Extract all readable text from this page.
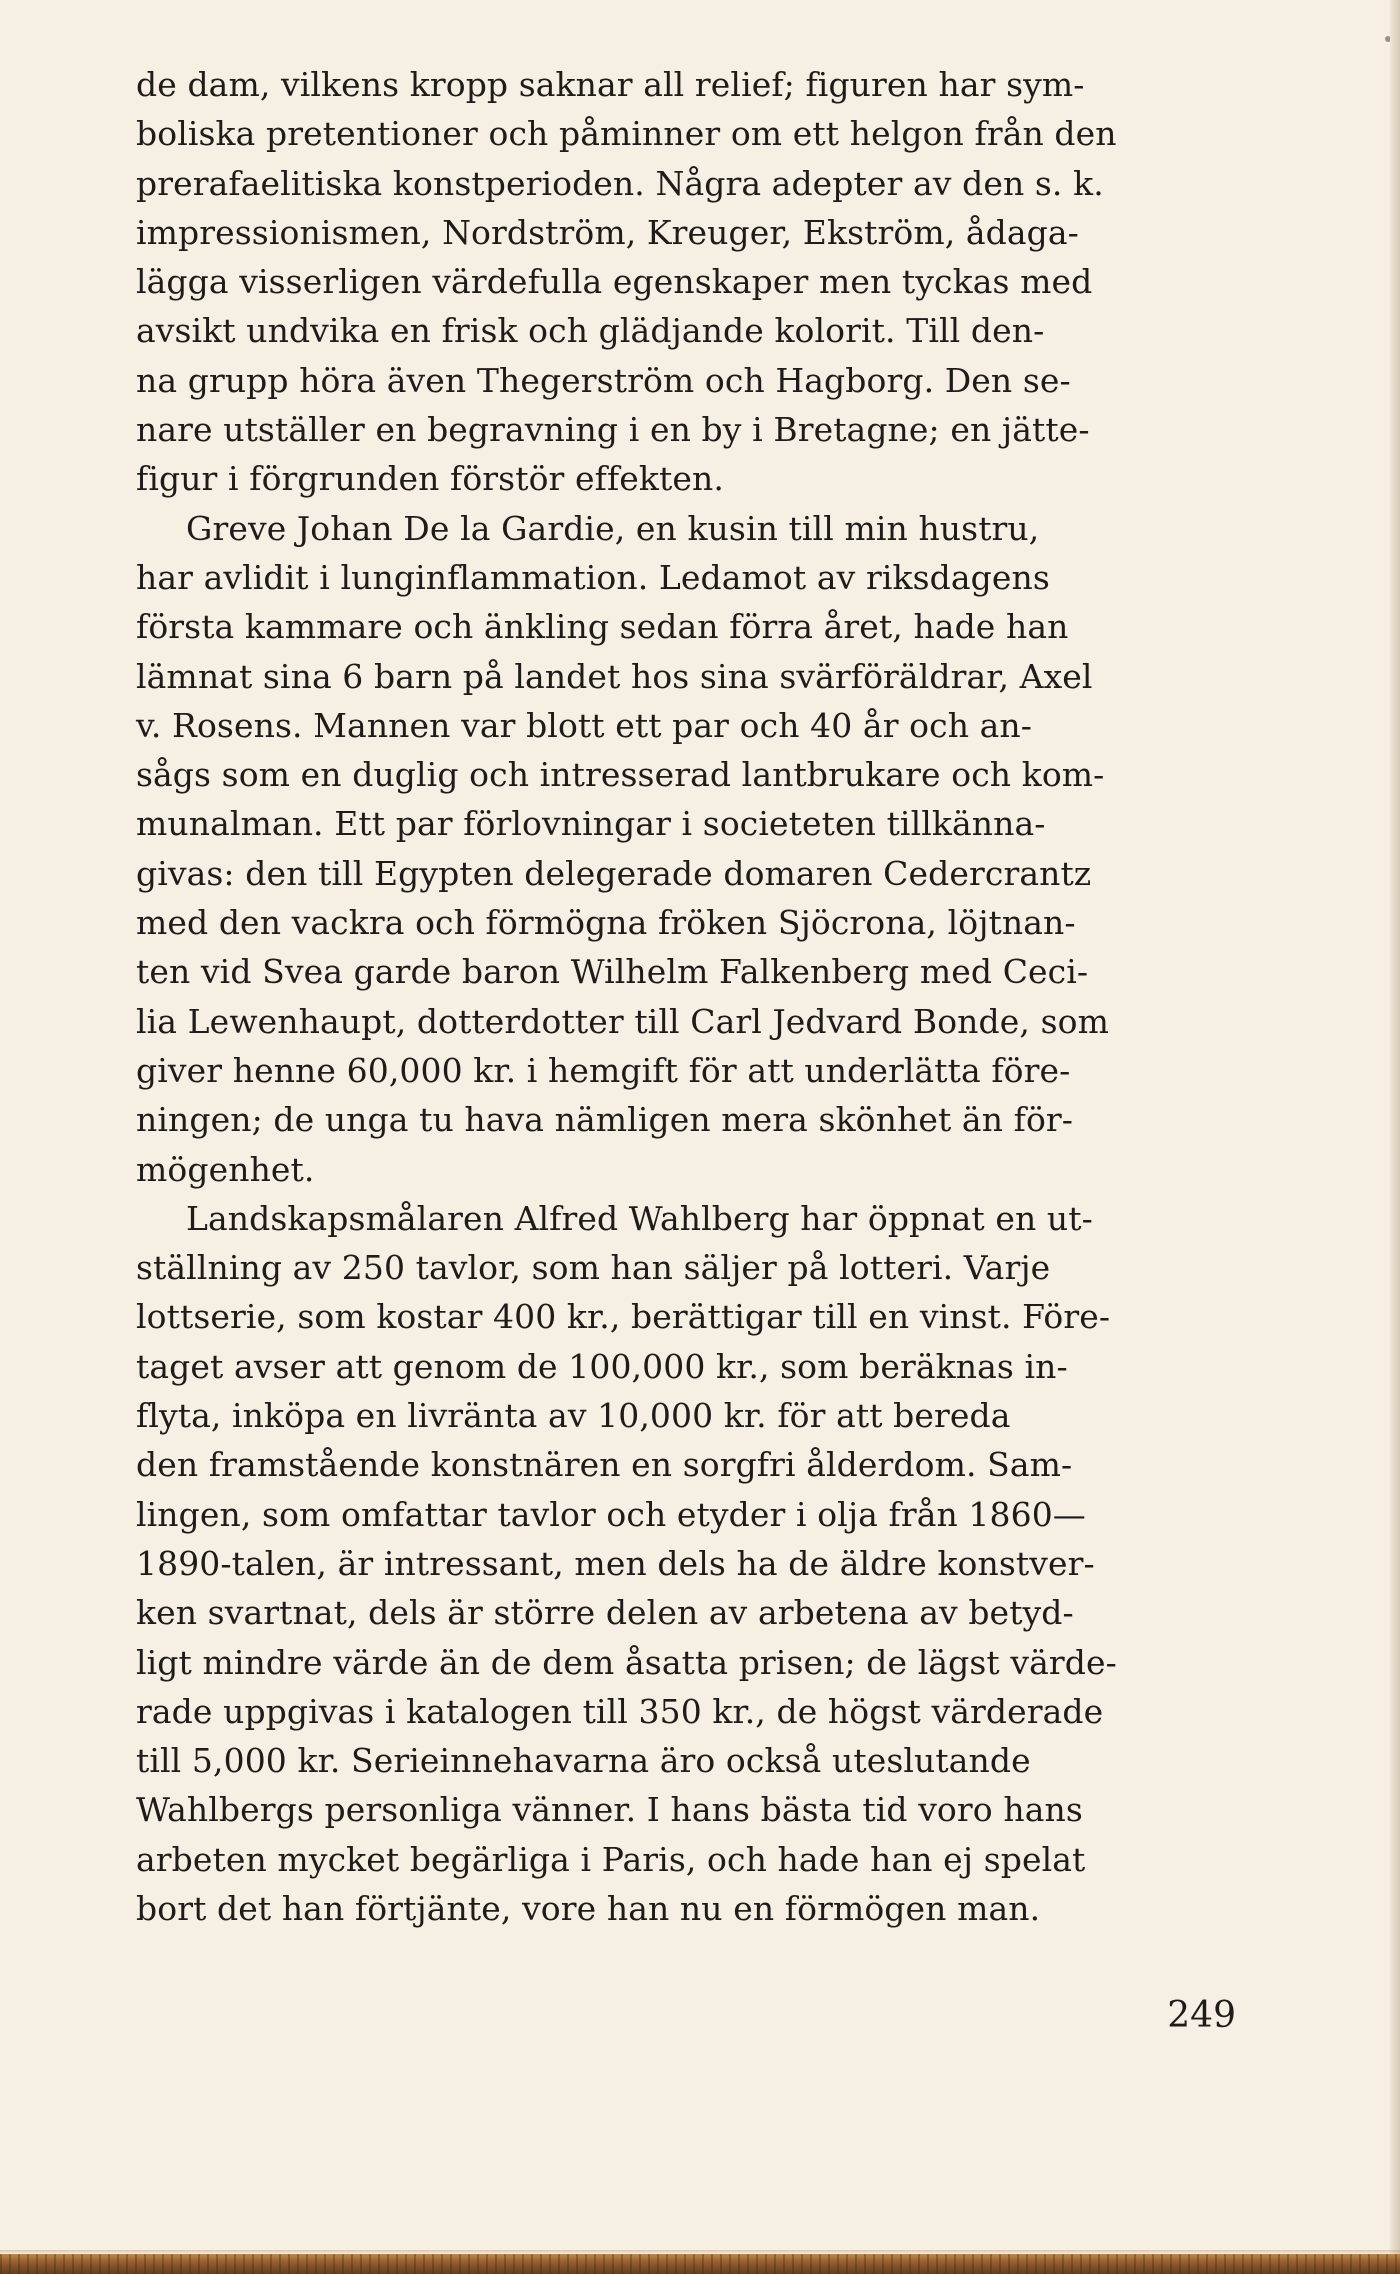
de dam, vilkens kropp saknar all relief; figuren har sym-
boliska pretentioner och påminner om ett helgon från den
prerafaelitiska konstperioden. Några adepter av den s. k.
impressionismen, Nordström, Kreuger, Ekström, ådaga-
lägga visserligen värdefulla egenskaper men tyckas med
avsikt undvika en frisk och glädjande kolorit. Till den-
na grupp höra även Thegerström och Hagborg. Den se-
nare utställer en begravning i en by i Bretagne; en jätte-
figur i förgrunden förstör effekten.
Greve Johan De la Gardie, en kusin till min hustru,
har avlidit i lunginflammation. Ledamot av riksdagens
första kammare och änkling sedan förra året, hade han
lämnat sina 6 barn på landet hos sina svärföräldrar, Axel
v. Rosens. Mannen var blott ett par och 40 år och an-
sågs som en duglig och intresserad lantbrukare och kom-
munalman. Ett par förlovningar i societeten tillkänna-
givas: den till Egypten delegerade domaren Cedercrantz
med den vackra och förmögna fröken Sjöcrona, löjtnan-
ten vid Svea garde baron Wilhelm Falkenberg med Ceci-
lia Lewenhaupt, dotterdotter till Carl Jedvard Bonde, som
giver henne 60,000 kr. i hemgift för att underlätta före-
ningen; de unga tu hava nämligen mera skönhet än för-
mögenhet.
Landskapsmålaren Alfred Wahlberg har öppnat en ut-
ställning av 250 tavlor, som han säljer på lotteri. Varje
lottserie, som kostar 400 kr., berättigar till en vinst. Före-
taget avser att genom de 100,000 kr., som beräknas in-
flyta, inköpa en livränta av 10,000 kr. för att bereda
den framstående konstnären en sorgfri ålderdom. Sam-
lingen, som omfattar tavlor och etyder i olja från 1860—
1890-talen, är intressant, men dels ha de äldre konstver-
ken svartnat, dels är större delen av arbetena av betyd-
ligt mindre värde än de dem åsatta prisen; de lägst värde-
rade uppgivas i katalogen till 350 kr., de högst värderade
till 5,000 kr. Serieinnehavarna äro också uteslutande
Wahlbergs personliga vänner. I hans bästa tid voro hans
arbeten mycket begärliga i Paris, och hade han ej spelat
bort det han förtjänte, vore han nu en förmögen man.
249
